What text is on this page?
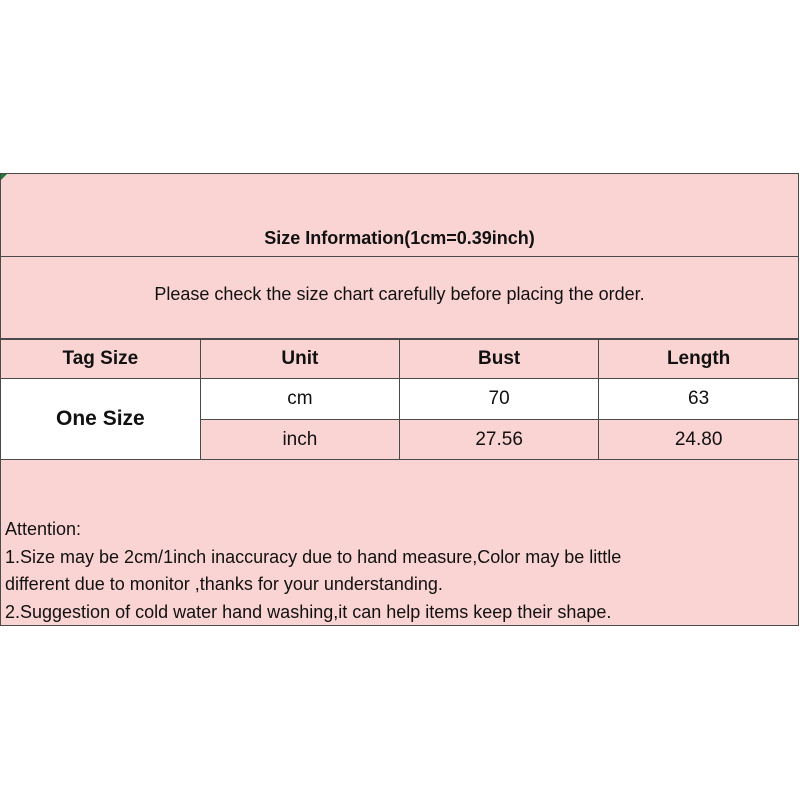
Size Information(1cm=0.39inch)
Please check the size chart carefully before placing the order.
Tag Size	Unit	Bust	Length
One Size	cm	70	63
	inch	27.56	24.80
Attention:
1.Size may be 2cm/1inch inaccuracy due to hand measure,Color may be little
different due to monitor ,thanks for your understanding.
2.Suggestion of cold water hand washing,it can help items keep their shape.
